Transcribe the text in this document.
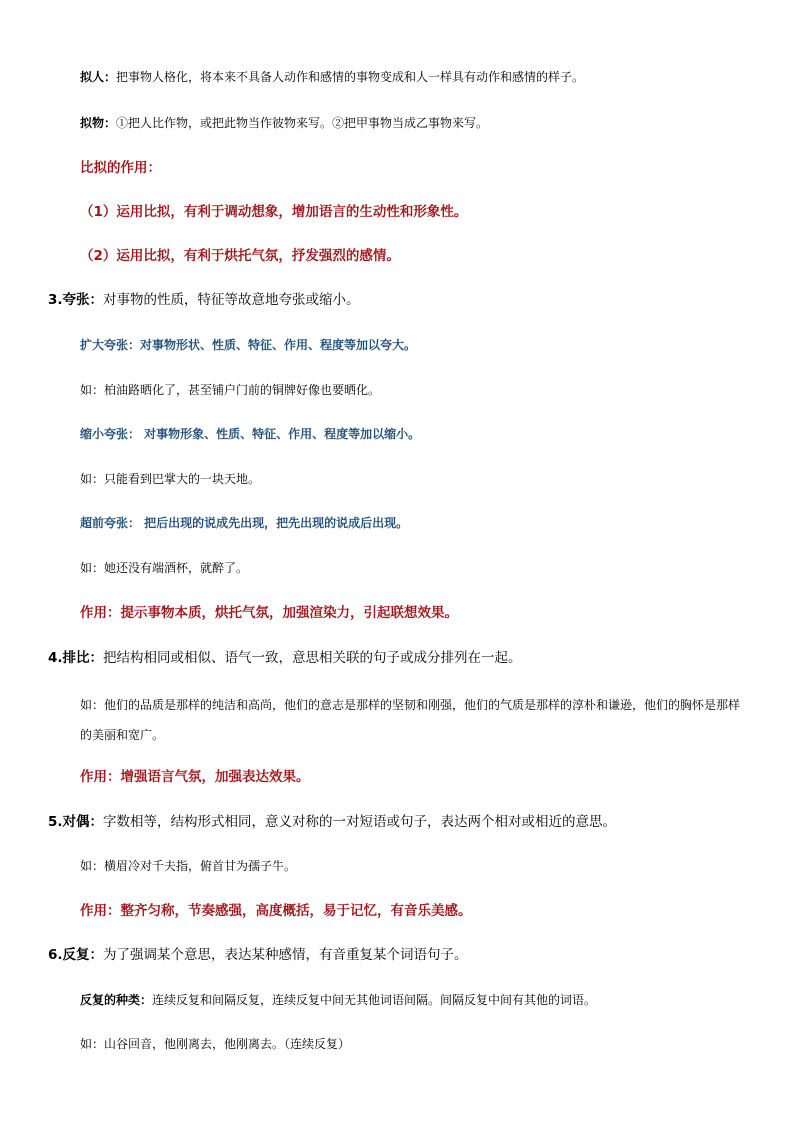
拟人：把事物人格化，将本来不具备人动作和感情的事物变成和人一样具有动作和感情的样子。
拟物：①把人比作物，或把此物当作彼物来写。②把甲事物当成乙事物来写。
比拟的作用：
（1）运用比拟，有利于调动想象，增加语言的生动性和形象性。
（2）运用比拟，有利于烘托气氛，抒发强烈的感情。
3.夸张：对事物的性质，特征等故意地夸张或缩小。
扩大夸张：对事物形状、性质、特征、作用、程度等加以夸大。
如：柏油路晒化了，甚至铺户门前的铜牌好像也要晒化。
缩小夸张： 对事物形象、性质、特征、作用、程度等加以缩小。
如：只能看到巴掌大的一块天地。
超前夸张： 把后出现的说成先出现，把先出现的说成后出现。
如：她还没有端酒杯，就醉了。
作用：提示事物本质，烘托气氛，加强渲染力，引起联想效果。
4.排比：把结构相同或相似、语气一致，意思相关联的句子或成分排列在一起。
如：他们的品质是那样的纯洁和高尚，他们的意志是那样的坚韧和刚强，他们的气质是那样的淳朴和谦逊，他们的胸怀是那样的美丽和宽广。
作用：增强语言气氛，加强表达效果。
5.对偶：字数相等，结构形式相同，意义对称的一对短语或句子，表达两个相对或相近的意思。
如：横眉冷对千夫指，俯首甘为孺子牛。
作用：整齐匀称，节奏感强，高度概括，易于记忆，有音乐美感。
6.反复：为了强调某个意思，表达某种感情，有音重复某个词语句子。
反复的种类：连续反复和间隔反复，连续反复中间无其他词语间隔。间隔反复中间有其他的词语。
如：山谷回音，他刚离去，他刚离去。（连续反复）
